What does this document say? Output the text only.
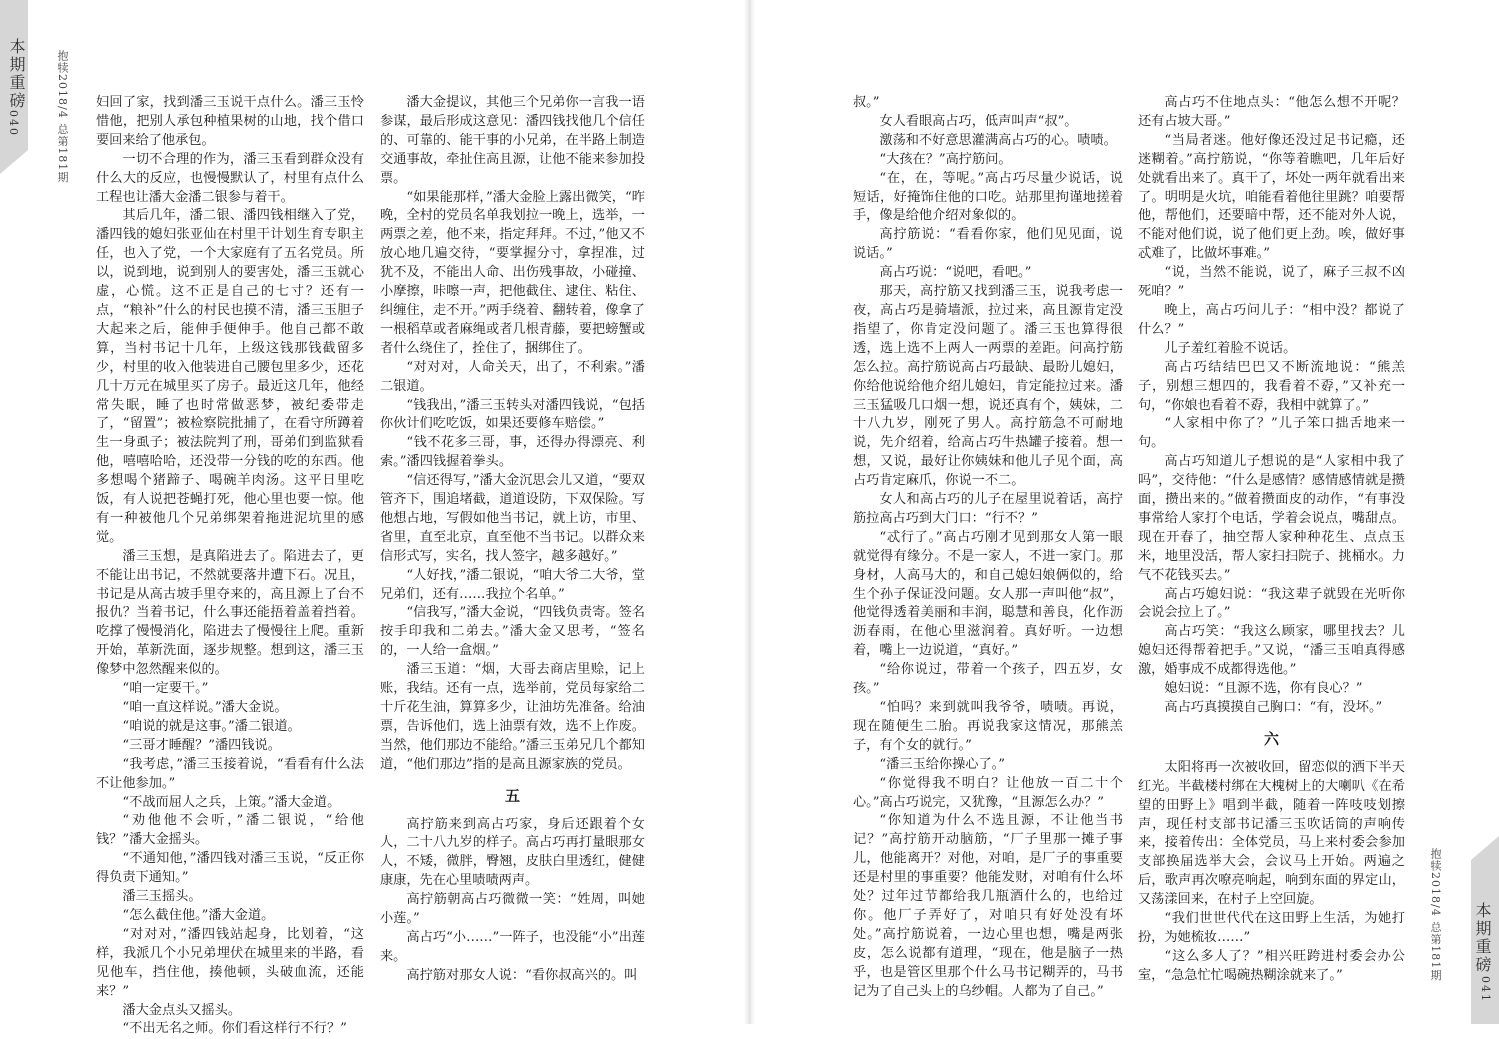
本期重磅
040	抱犊2018/4 总第181期
本期重磅
041
抱犊2018/4 总第181期

妇回了家，找到潘三玉说干点什么。潘三玉怜惜他，把别人承包种植果树的山地，找个借口要回来给了他承包。

一切不合理的作为，潘三玉看到群众没有什么大的反应，也慢慢默认了，村里有点什么工程也让潘大金潘二银参与着干。

其后几年，潘二银、潘四钱相继入了党，潘四钱的媳妇张亚仙在村里干计划生育专职主任，也入了党，一个大家庭有了五名党员。所以，说到地，说到别人的要害处，潘三玉就心虚，心慌。这不正是自己的七寸？还有一点，“粮补”什么的村民也摸不清，潘三玉胆子大起来之后，能伸手便伸手。他自己都不敢算，当村书记十几年，上级这钱那钱截留多少，村里的收入他装进自己腰包里多少，还花几十万元在城里买了房子。最近这几年，他经常失眠，睡了也时常做恶梦，被纪委带走了，“留置”；被检察院批捕了，在看守所蹲着生一身虱子；被法院判了刑，哥弟们到监狱看他，嘻嘻哈哈，还没带一分钱的吃的东西。他多想喝个猪蹄子、喝碗羊肉汤。这平日里吃饭，有人说把苍蝇打死，他心里也要一惊。他有一种被他几个兄弟绑架着拖进泥坑里的感觉。

潘三玉想，是真陷进去了。陷进去了，更不能让出书记，不然就要落井遭下石。况且，书记是从高古坡手里夺来的，高且源上了台不报仇？当着书记，什么事还能捂着盖着挡着。吃撑了慢慢消化，陷进去了慢慢往上爬。重新开始，革新洗面，逐步规整。想到这，潘三玉像梦中忽然醒来似的。

“咱一定要干。”

“咱一直这样说。”潘大金说。

“咱说的就是这事。”潘二银道。

“三哥才睡醒？”潘四钱说。

“我考虑，”潘三玉接着说，“看看有什么法不让他参加。”

“不战而屈人之兵，上策。”潘大金道。

“劝他他不会听，”潘二银说，“给他钱？”潘大金摇头。

“不通知他，”潘四钱对潘三玉说，“反正你得负责下通知。”

潘三玉摇头。

“怎么截住他。”潘大金道。

“对对对，”潘四钱站起身，比划着，“这样，我派几个小兄弟埋伏在城里来的半路，看见他车，挡住他，揍他顿，头破血流，还能来？”

潘大金点头又摇头。

“不出无名之师。你们看这样行不行？”

潘大金提议，其他三个兄弟你一言我一语参谋，最后形成这意见：潘四钱找他几个信任的、可靠的、能干事的小兄弟，在半路上制造交通事故，牵扯住高且源，让他不能来参加投票。

“如果能那样，”潘大金脸上露出微笑，“昨晚，全村的党员名单我划拉一晚上，选举，一两票之差，他不来，指定拜拜。不过，”他又不放心地几遍交待，“要掌握分寸，拿捏准，过犹不及，不能出人命、出伤残事故，小碰撞、小摩擦，咔嚓一声，把他截住、逮住、粘住、纠缠住，走不开。”两手绕着、翻转着，像拿了一根稻草或者麻绳或者几根青藤，要把螃蟹或者什么绕住了，拴住了，捆绑住了。

“对对对，人命关天，出了，不利索。”潘二银道。

“钱我出，”潘三玉转头对潘四钱说，“包括你伙计们吃吃饭，如果还要修车赔偿。”

“钱不花多三哥，事，还得办得漂亮、利索。”潘四钱握着拳头。

“信还得写，”潘大金沉思会儿又道，“要双管齐下，围追堵截，道道设防，下双保险。写他想占地，写假如他当书记，就上访，市里、省里，直至北京，直至他不当书记。以群众来信形式写，实名，找人签字，越多越好。”

“人好找，”潘二银说，“咱大爷二大爷，堂兄弟们，还有……我拉个名单。”

“信我写，”潘大金说，“四钱负责寄。签名按手印我和二弟去。”潘大金又思考，“签名的，一人给一盒烟。”

潘三玉道：“烟，大哥去商店里赊，记上账，我结。还有一点，选举前，党员每家给二十斤花生油，算算多少，让油坊先准备。给油票，告诉他们，选上油票有效，选不上作废。当然，他们那边不能给。”潘三玉弟兄几个都知道，“他们那边”指的是高且源家族的党员。

五

高拧筋来到高占巧家，身后还跟着个女人，二十八九岁的样子。高占巧再打量眼那女人，不矮，微胖，臀翘，皮肤白里透红，健健康康，先在心里啧啧两声。

高拧筋朝高占巧微微一笑：“姓周，叫她小莲。”

高占巧“小……”一阵子，也没能“小”出莲来。

高拧筋对那女人说：“看你叔高兴的。叫

叔。”

女人看眼高占巧，低声叫声“叔”。

激荡和不好意思灌满高占巧的心。啧啧。

“大孩在？”高拧筋问。

“在，在，等呢。”高占巧尽量少说话，说短话，好掩饰住他的口吃。站那里拘谨地搓着手，像是给他介绍对象似的。

高拧筋说：“看看你家，他们见见面，说说话。”

高占巧说：“说吧，看吧。”

那天，高拧筋又找到潘三玉，说我考虑一夜，高占巧是骑墙派，拉过来，高且源肯定没指望了，你肯定没问题了。潘三玉也算得很透，选上选不上两人一两票的差距。问高拧筋怎么拉。高拧筋说高占巧最缺、最盼儿媳妇，你给他说给他介绍儿媳妇，肯定能拉过来。潘三玉猛吸几口烟一想，说还真有个，姨妹，二十八九岁，刚死了男人。高拧筋急不可耐地说，先介绍着，给高占巧牛热罐子接着。想一想，又说，最好让你姨妹和他儿子见个面，高占巧肯定麻爪，你说一不二。

女人和高占巧的儿子在屋里说着话，高拧筋拉高占巧到大门口：“行不？”

“忒行了。”高占巧刚才见到那女人第一眼就觉得有缘分。不是一家人，不进一家门。那身材，人高马大的，和自己媳妇娘俩似的，给生个孙子保证没问题。女人那一声叫他“叔”，他觉得透着美丽和丰润，聪慧和善良，化作沥沥春雨，在他心里滋润着。真好听。一边想着，嘴上一边说道，“真好。”

“给你说过，带着一个孩子，四五岁，女孩。”

“怕吗？来到就叫我爷爷，啧啧。再说，现在随便生二胎。再说我家这情况，那熊羔子，有个女的就行。”

“潘三玉给你操心了。”

“你觉得我不明白？让他放一百二十个心。”高占巧说完，又犹豫，“且源怎么办？”

“你知道为什么不选且源，不让他当书记？”高拧筋开动脑筋，“厂子里那一摊子事儿，他能离开？对他，对咱，是厂子的事重要还是村里的事重要？他能发财，对咱有什么坏处？过年过节都给我几瓶酒什么的，也给过你。他厂子弄好了，对咱只有好处没有坏处。”高拧筋说着，一边心里也想，嘴是两张皮，怎么说都有道理，“现在，他是脑子一热乎，也是管区里那个什么马书记糊弄的，马书记为了自己头上的乌纱帽。人都为了自己。”

高占巧不住地点头：“他怎么想不开呢？还有占坡大哥。”

“当局者迷。他好像还没过足书记瘾，还迷糊着。”高拧筋说，“你等着瞧吧，几年后好处就看出来了。真干了，坏处一两年就看出来了。明明是火坑，咱能看着他往里跳？咱要帮他，帮他们，还要暗中帮，还不能对外人说，不能对他们说，说了他们更上劲。唉，做好事忒难了，比做坏事难。”

“说，当然不能说，说了，麻子三叔不凶死咱？”

晚上，高占巧问儿子：“相中没？都说了什么？”

儿子羞红着脸不说话。

高占巧结结巴巴又不断流地说：“熊羔子，别想三想四的，我看着不孬，”又补充一句，“你娘也看着不孬，我相中就算了。”

“人家相中你了？”儿子笨口拙舌地来一句。

高占巧知道儿子想说的是“人家相中我了吗”，交待他：“什么是感情？感情感情就是攒面，攒出来的。”做着攒面皮的动作，“有事没事常给人家打个电话，学着会说点，嘴甜点。现在开春了，抽空帮人家种种花生、点点玉米，地里没活，帮人家扫扫院子、挑桶水。力气不花钱买去。”

高占巧媳妇说：“我这辈子就毁在光听你会说会拉上了。”

高占巧笑：“我这么顾家，哪里找去？儿媳妇还得帮着把手。”又说，“潘三玉咱真得感激，婚事成不成都得选他。”

媳妇说：“且源不选，你有良心？”

高占巧真摸摸自己胸口：“有，没坏。”

六

太阳将再一次被收回，留恋似的洒下半天红光。半截楼村绑在大槐树上的大喇叭《在希望的田野上》唱到半截，随着一阵吱吱划擦声，现任村支部书记潘三玉吹话筒的声响传来，接着传出：全体党员，马上来村委会参加支部换届选举大会，会议马上开始。两遍之后，歌声再次嘹亮响起，响到东面的界定山，又荡漾回来，在村子上空回旋。

“我们世世代代在这田野上生活，为她打扮，为她梳妆……”

“这么多人了？”相兴旺跨进村委会办公室，“急急忙忙喝碗热糊涂就来了。”
